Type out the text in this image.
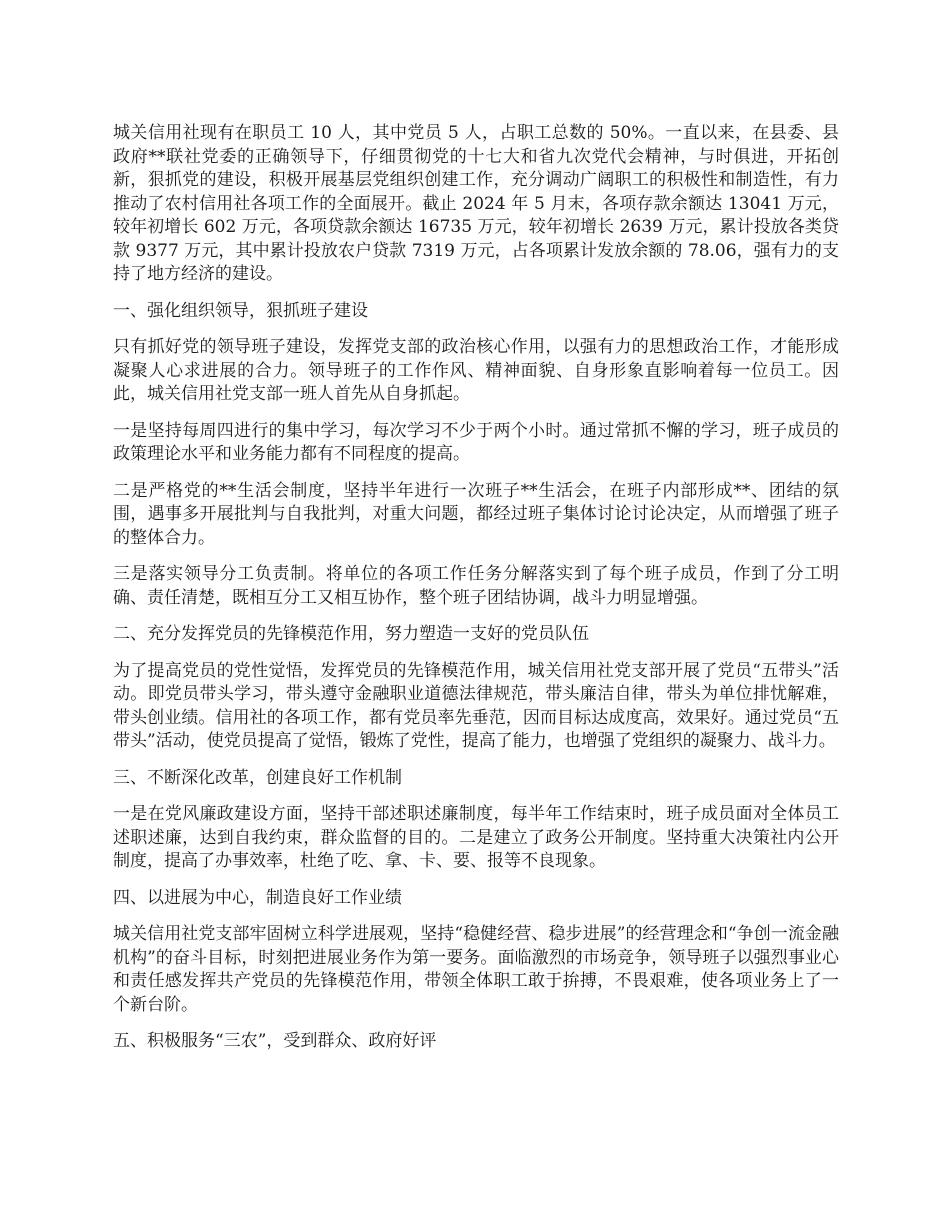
城关信用社现有在职员工 10 人，其中党员 5 人，占职工总数的 50%。一直以来，在县委、县政府**联社党委的正确领导下，仔细贯彻党的十七大和省九次党代会精神，与时俱进，开拓创新，狠抓党的建设，积极开展基层党组织创建工作，充分调动广阔职工的积极性和制造性，有力推动了农村信用社各项工作的全面展开。截止 2024 年 5 月末，各项存款余额达 13041 万元，较年初增长 602 万元，各项贷款余额达 16735 万元，较年初增长 2639 万元，累计投放各类贷款 9377 万元，其中累计投放农户贷款 7319 万元，占各项累计发放余额的 78.06，强有力的支持了地方经济的建设。

一、强化组织领导，狠抓班子建设

只有抓好党的领导班子建设，发挥党支部的政治核心作用，以强有力的思想政治工作，才能形成凝聚人心求进展的合力。领导班子的工作作风、精神面貌、自身形象直影响着每一位员工。因此，城关信用社党支部一班人首先从自身抓起。

一是坚持每周四进行的集中学习，每次学习不少于两个小时。通过常抓不懈的学习，班子成员的政策理论水平和业务能力都有不同程度的提高。

二是严格党的**生活会制度，坚持半年进行一次班子**生活会，在班子内部形成**、团结的氛围，遇事多开展批判与自我批判，对重大问题，都经过班子集体讨论讨论决定，从而增强了班子的整体合力。

三是落实领导分工负责制。将单位的各项工作任务分解落实到了每个班子成员，作到了分工明确、责任清楚，既相互分工又相互协作，整个班子团结协调，战斗力明显增强。

二、充分发挥党员的先锋模范作用，努力塑造一支好的党员队伍

为了提高党员的党性觉悟，发挥党员的先锋模范作用，城关信用社党支部开展了党员“五带头”活动。即党员带头学习，带头遵守金融职业道德法律规范，带头廉洁自律，带头为单位排忧解难，带头创业绩。信用社的各项工作，都有党员率先垂范，因而目标达成度高，效果好。通过党员“五带头”活动，使党员提高了觉悟，锻炼了党性，提高了能力，也增强了党组织的凝聚力、战斗力。

三、不断深化改革，创建良好工作机制

一是在党风廉政建设方面，坚持干部述职述廉制度，每半年工作结束时，班子成员面对全体员工述职述廉，达到自我约束，群众监督的目的。二是建立了政务公开制度。坚持重大决策社内公开制度，提高了办事效率，杜绝了吃、拿、卡、要、报等不良现象。

四、以进展为中心，制造良好工作业绩

城关信用社党支部牢固树立科学进展观，坚持“稳健经营、稳步进展”的经营理念和“争创一流金融机构”的奋斗目标，时刻把进展业务作为第一要务。面临激烈的市场竞争，领导班子以强烈事业心和责任感发挥共产党员的先锋模范作用，带领全体职工敢于拚搏，不畏艰难，使各项业务上了一个新台阶。

五、积极服务“三农”，受到群众、政府好评
